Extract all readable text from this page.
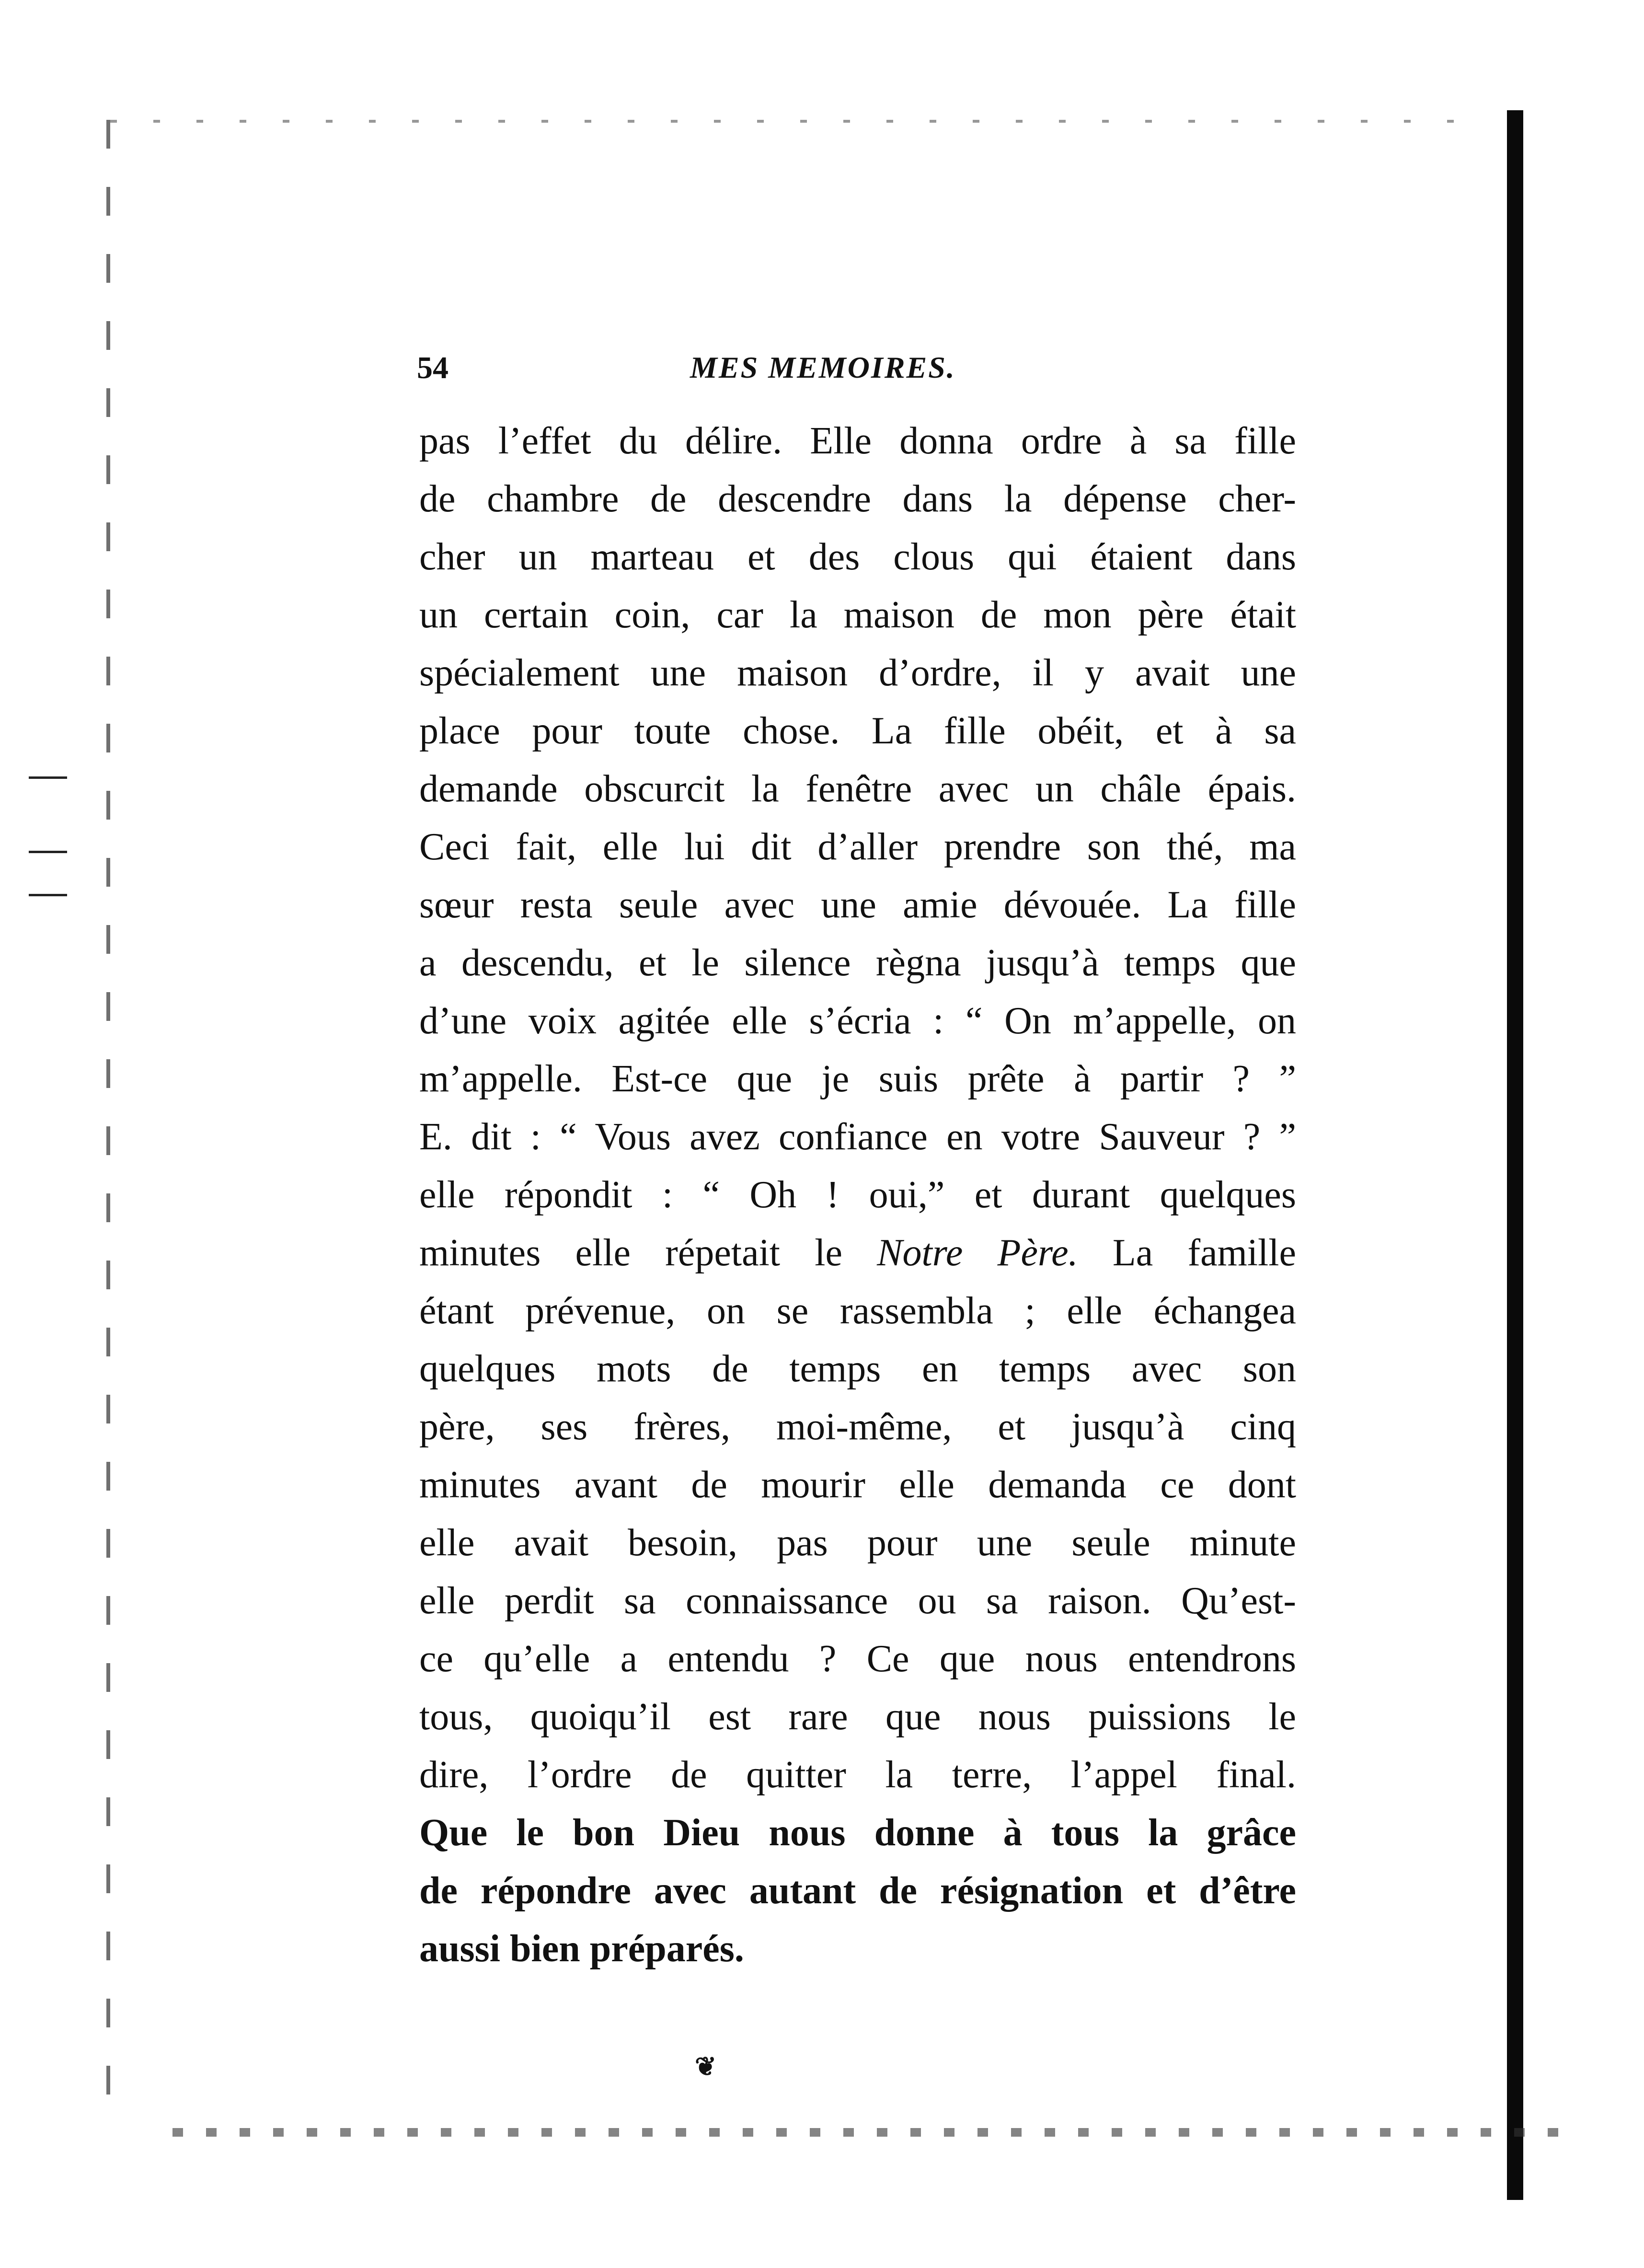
54	MES MEMOIRES.
pas l’effet du délire. Elle donna ordre à sa fille
de chambre de descendre dans la dépense cher-
cher un marteau et des clous qui étaient dans
un certain coin, car la maison de mon père était
spécialement une maison d’ordre, il y avait une
place pour toute chose. La fille obéit, et à sa
demande obscurcit la fenêtre avec un châle épais.
Ceci fait, elle lui dit d’aller prendre son thé, ma
sœur resta seule avec une amie dévouée. La fille
a descendu, et le silence règna jusqu’à temps que
d’une voix agitée elle s’écria : “ On m’appelle, on
m’appelle. Est-ce que je suis prête à partir ? ”
E. dit : “ Vous avez confiance en votre Sauveur ? ”
elle répondit : “ Oh ! oui,” et durant quelques
minutes elle répetait le Notre Père. La famille
étant prévenue, on se rassembla ; elle échangea
quelques mots de temps en temps avec son
père, ses frères, moi-même, et jusqu’à cinq
minutes avant de mourir elle demanda ce dont
elle avait besoin, pas pour une seule minute
elle perdit sa connaissance ou sa raison. Qu’est-
ce qu’elle a entendu ? Ce que nous entendrons
tous, quoiqu’il est rare que nous puissions le
dire, l’ordre de quitter la terre, l’appel final.
Que le bon Dieu nous donne à tous la grâce
de répondre avec autant de résignation et d’être
aussi bien préparés.
❦
